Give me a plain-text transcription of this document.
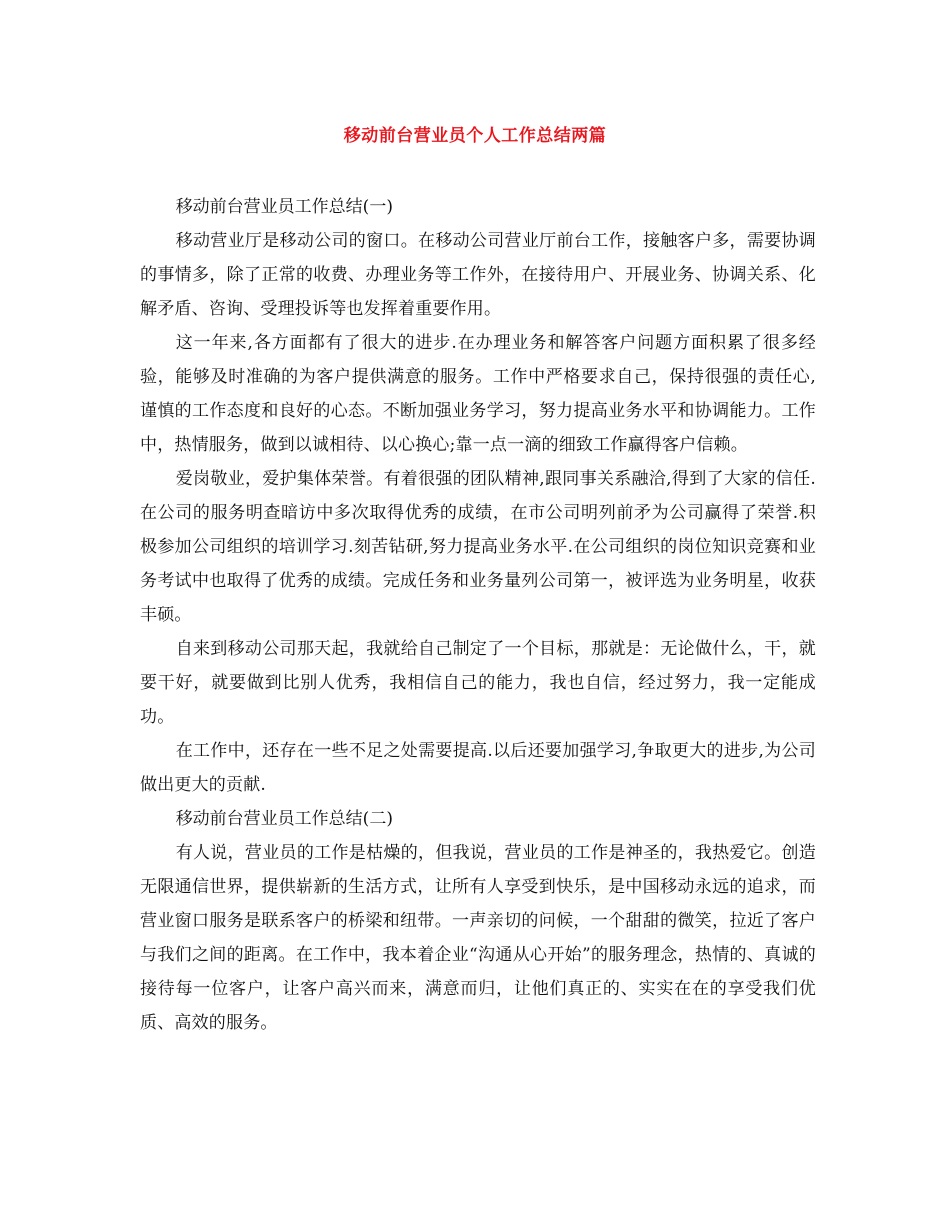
移动前台营业员个人工作总结两篇

移动前台营业员工作总结(一)

移动营业厅是移动公司的窗口。在移动公司营业厅前台工作，接触客户多，需要协调的事情多，除了正常的收费、办理业务等工作外，在接待用户、开展业务、协调关系、化解矛盾、咨询、受理投诉等也发挥着重要作用。

这一年来,各方面都有了很大的进步.在办理业务和解答客户问题方面积累了很多经验，能够及时准确的为客户提供满意的服务。工作中严格要求自己，保持很强的责任心,谨慎的工作态度和良好的心态。不断加强业务学习，努力提高业务水平和协调能力。工作中，热情服务，做到以诚相待、以心换心;靠一点一滴的细致工作赢得客户信赖。

爱岗敬业，爱护集体荣誉。有着很强的团队精神,跟同事关系融洽,得到了大家的信任.在公司的服务明查暗访中多次取得优秀的成绩，在市公司明列前矛为公司赢得了荣誉.积极参加公司组织的培训学习.刻苦钻研,努力提高业务水平.在公司组织的岗位知识竞赛和业务考试中也取得了优秀的成绩。完成任务和业务量列公司第一，被评选为业务明星，收获丰硕。

自来到移动公司那天起，我就给自己制定了一个目标，那就是：无论做什么，干，就要干好，就要做到比别人优秀，我相信自己的能力，我也自信，经过努力，我一定能成功。

在工作中，还存在一些不足之处需要提高.以后还要加强学习,争取更大的进步,为公司做出更大的贡献.

移动前台营业员工作总结(二)

有人说，营业员的工作是枯燥的，但我说，营业员的工作是神圣的，我热爱它。创造无限通信世界，提供崭新的生活方式，让所有人享受到快乐，是中国移动永远的追求，而营业窗口服务是联系客户的桥梁和纽带。一声亲切的问候，一个甜甜的微笑，拉近了客户与我们之间的距离。在工作中，我本着企业“沟通从心开始”的服务理念，热情的、真诚的接待每一位客户，让客户高兴而来，满意而归，让他们真正的、实实在在的享受我们优质、高效的服务。
